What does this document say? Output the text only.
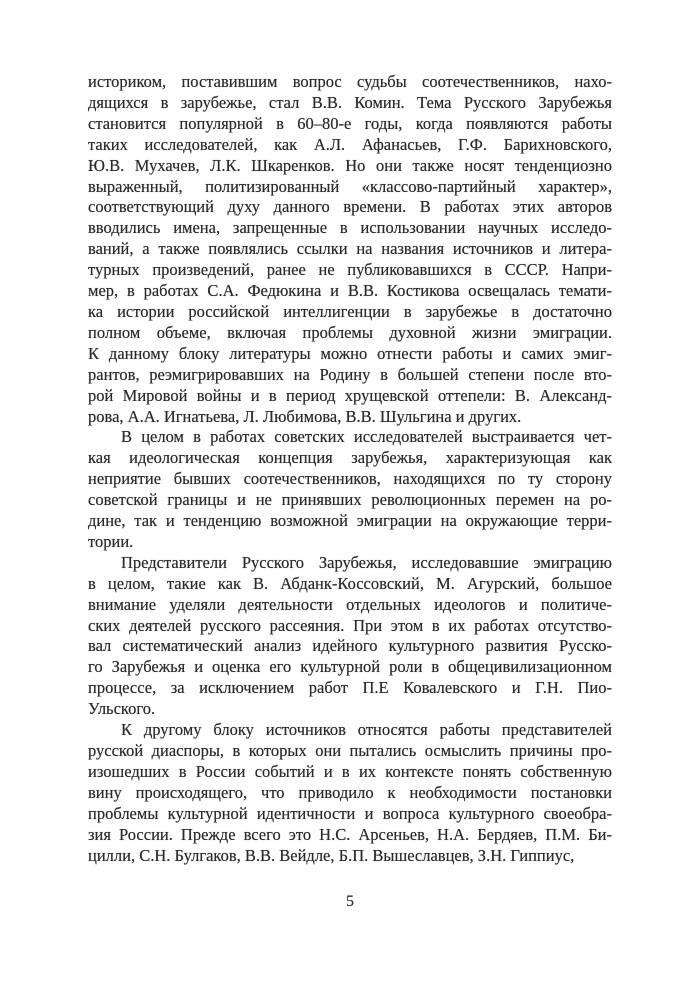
историком, поставившим вопрос судьбы соотечественников, нахо-
дящихся в зарубежье, стал В.В. Комин. Тема Русского Зарубежья
становится популярной в 60–80-е годы, когда появляются работы
таких исследователей, как А.Л. Афанасьев, Г.Ф. Барихновского,
Ю.В. Мухачев, Л.К. Шкаренков. Но они также носят тенденциозно
выраженный, политизированный «классово-партийный характер»,
соответствующий духу данного времени. В работах этих авторов
вводились имена, запрещенные в использовании научных исследо-
ваний, а также появлялись ссылки на названия источников и литера-
турных произведений, ранее не публиковавшихся в СССР. Напри-
мер, в работах С.А. Федюкина и В.В. Костикова освещалась темати-
ка истории российской интеллигенции в зарубежье в достаточно
полном объеме, включая проблемы духовной жизни эмиграции.
К данному блоку литературы можно отнести работы и самих эмиг-
рантов, реэмигрировавших на Родину в большей степени после вто-
рой Мировой войны и в период хрущевской оттепели: В. Александ-
рова, А.А. Игнатьева, Л. Любимова, В.В. Шульгина и других.
В целом в работах советских исследователей выстраивается чет-
кая идеологическая концепция зарубежья, характеризующая как
неприятие бывших соотечественников, находящихся по ту сторону
советской границы и не принявших революционных перемен на ро-
дине, так и тенденцию возможной эмиграции на окружающие терри-
тории.
Представители Русского Зарубежья, исследовавшие эмиграцию
в целом, такие как В. Абданк-Коссовский, М. Агурский, большое
внимание уделяли деятельности отдельных идеологов и политиче-
ских деятелей русского рассеяния. При этом в их работах отсутство-
вал систематический анализ идейного культурного развития Русско-
го Зарубежья и оценка его культурной роли в общецивилизационном
процессе, за исключением работ П.Е Ковалевского и Г.Н. Пио-
Ульского.
К другому блоку источников относятся работы представителей
русской диаспоры, в которых они пытались осмыслить причины про-
изошедших в России событий и в их контексте понять собственную
вину происходящего, что приводило к необходимости постановки
проблемы культурной идентичности и вопроса культурного своеобра-
зия России. Прежде всего это Н.С. Арсеньев, Н.А. Бердяев, П.М. Би-
цилли, С.Н. Булгаков, В.В. Вейдле, Б.П. Вышеславцев, З.Н. Гиппиус,
5
